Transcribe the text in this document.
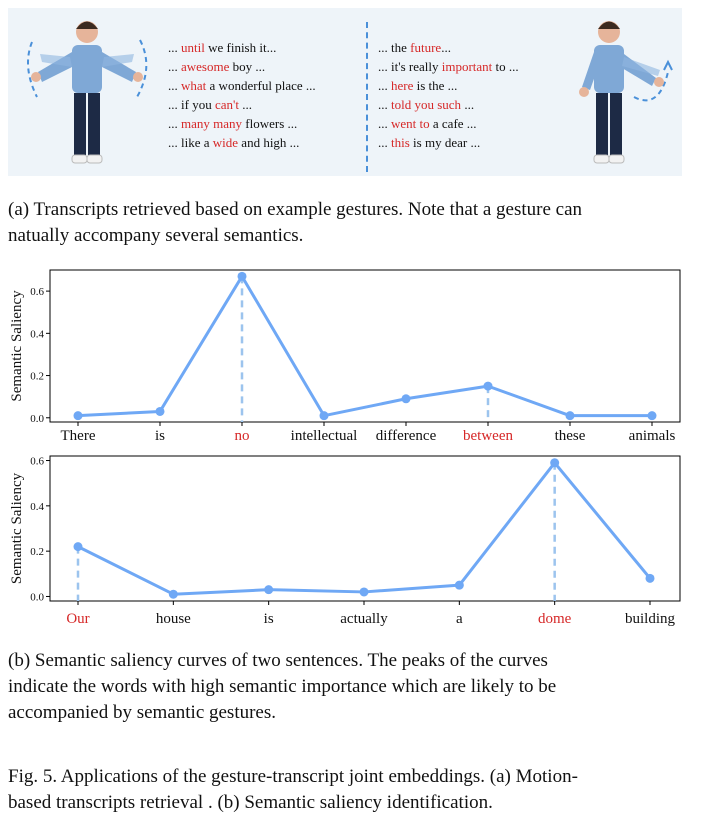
... until we finish it...
... awesome boy ...
... what a wonderful place ...
... if you can't ...
... many many flowers ...
... like a wide and high ...
... the future...
... it's really important to ...
... here is the ...
... told you such ...
... went to a cafe ...
... this is my dear ...
(a) Transcripts retrieved based on example gestures. Note that a gesture can
natually accompany several semantics.
0.0
0.2
0.4
0.6
Semantic Saliency
There	is	no	intellectual difference between	these	animals
0.0
0.2
0.4
0.6
Semantic Saliency
Our	house	is	actually	a	dome	building
(b) Semantic saliency curves of two sentences. The peaks of the curves
indicate the words with high semantic importance which are likely to be
accompanied by semantic gestures.
Fig. 5. Applications of the gesture-transcript joint embeddings. (a) Motion-
based transcripts retrieval . (b) Semantic saliency identification.
